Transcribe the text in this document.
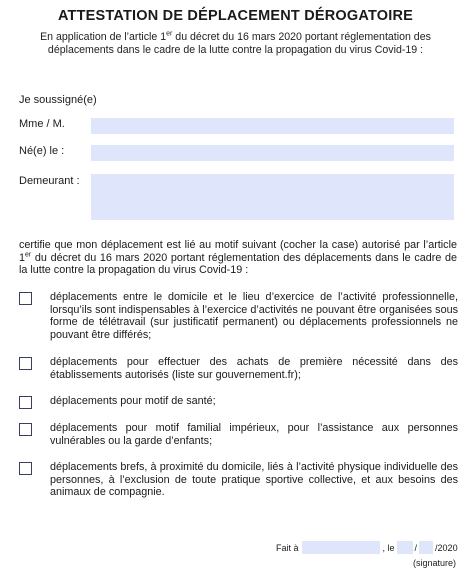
ATTESTATION DE DÉPLACEMENT DÉROGATOIRE
En application de l’article 1er du décret du 16 mars 2020 portant réglementation des déplacements dans le cadre de la lutte contre la propagation du virus Covid-19 :
Je soussigné(e)
Mme / M.
Né(e) le :
Demeurant :
certifie que mon déplacement est lié au motif suivant (cocher la case) autorisé par l’article 1er du décret du 16 mars 2020 portant réglementation des déplacements dans le cadre de la lutte contre la propagation du virus Covid-19 :
déplacements entre le domicile et le lieu d’exercice de l’activité professionnelle, lorsqu’ils sont indispensables à l’exercice d’activités ne pouvant être organisées sous forme de télétravail (sur justificatif permanent) ou déplacements professionnels ne pouvant être différés;
déplacements pour effectuer des achats de première nécessité dans des établissements autorisés (liste sur gouvernement.fr);
déplacements pour motif de santé;
déplacements pour motif familial impérieux, pour l’assistance aux personnes vulnérables ou la garde d’enfants;
déplacements brefs, à proximité du domicile, liés à l’activité physique individuelle des personnes, à l’exclusion de toute pratique sportive collective, et aux besoins des animaux de compagnie.
Fait à	, le / /2020
(signature)
